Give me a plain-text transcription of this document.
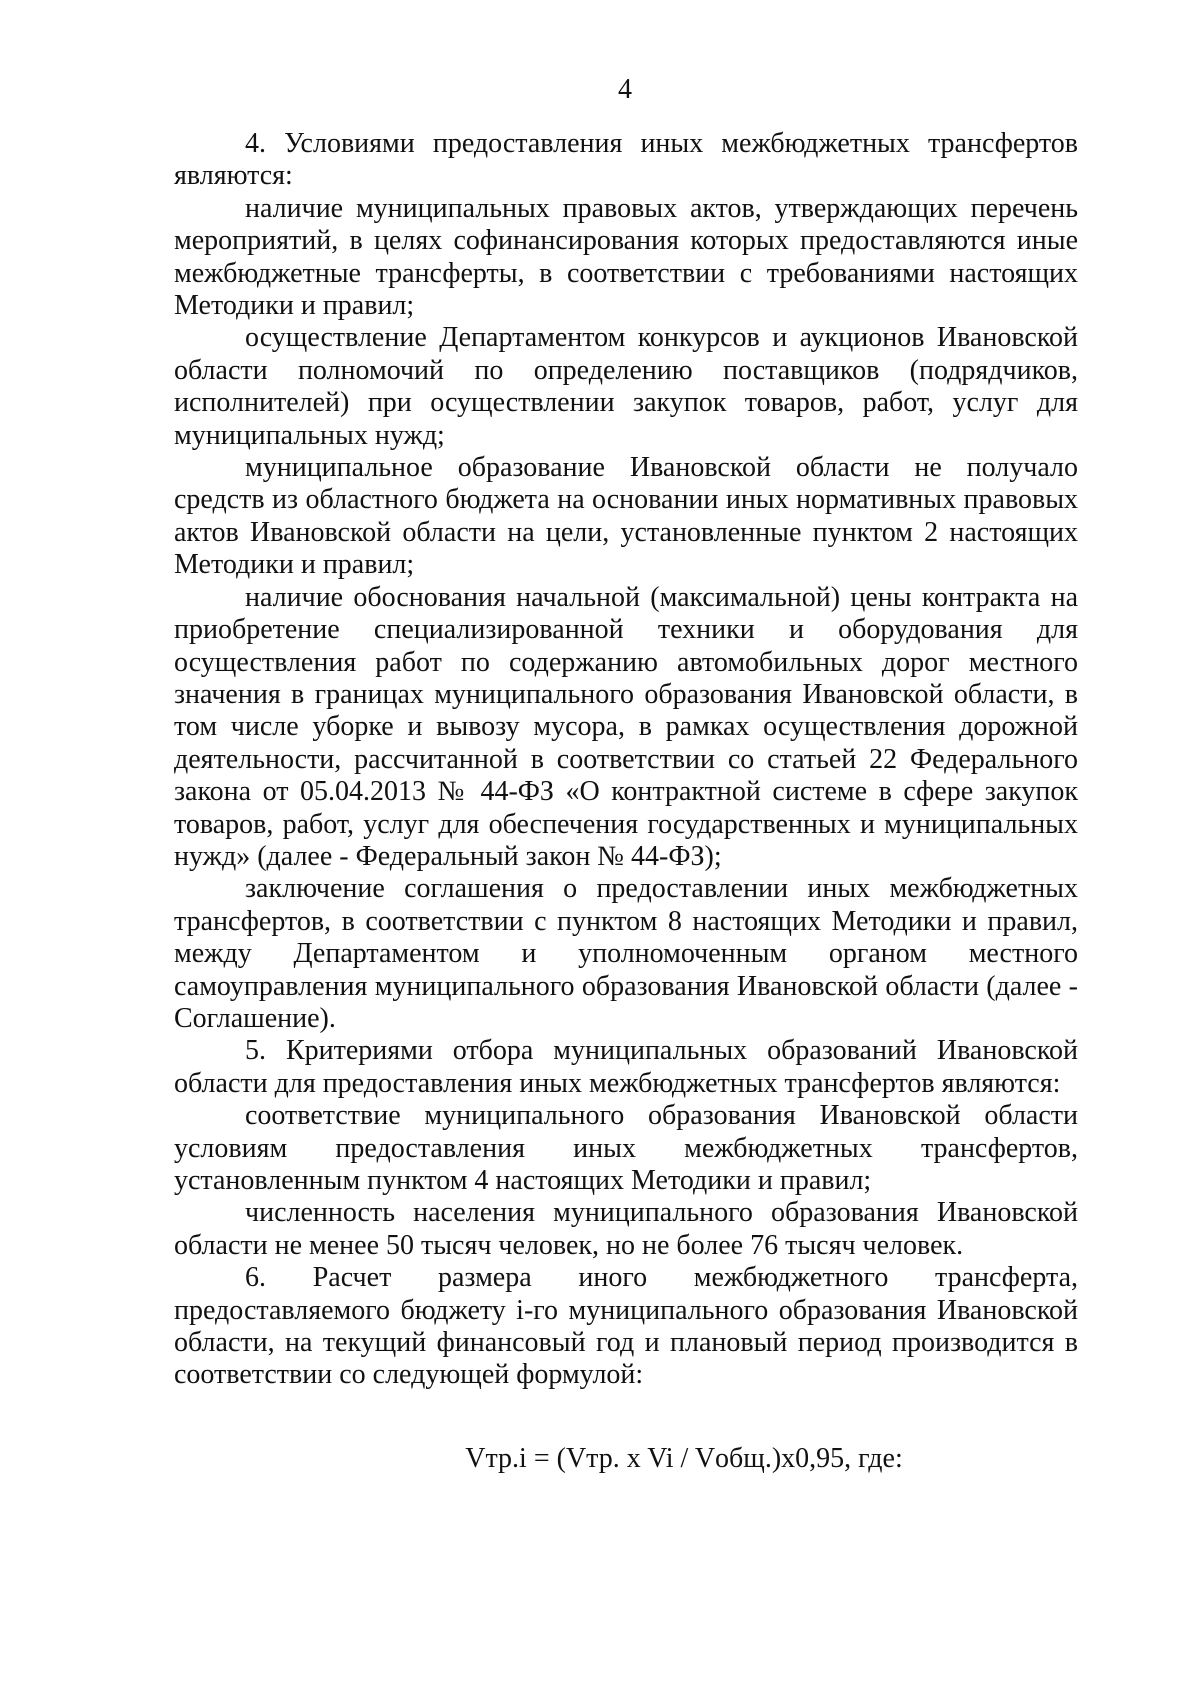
4

4. Условиями предоставления иных межбюджетных трансфертов являются:

наличие муниципальных правовых актов, утверждающих перечень мероприятий, в целях софинансирования которых предоставляются иные межбюджетные трансферты, в соответствии с требованиями настоящих Методики и правил;

осуществление Департаментом конкурсов и аукционов Ивановской области полномочий по определению поставщиков (подрядчиков, исполнителей) при осуществлении закупок товаров, работ, услуг для муниципальных нужд;

муниципальное образование Ивановской области не получало средств из областного бюджета на основании иных нормативных правовых актов Ивановской области на цели, установленные пунктом 2 настоящих Методики и правил;

наличие обоснования начальной (максимальной) цены контракта на приобретение специализированной техники и оборудования для осуществления работ по содержанию автомобильных дорог местного значения в границах муниципального образования Ивановской области, в том числе уборке и вывозу мусора, в рамках осуществления дорожной деятельности, рассчитанной в соответствии со статьей 22 Федерального закона от 05.04.2013 № 44-ФЗ «О контрактной системе в сфере закупок товаров, работ, услуг для обеспечения государственных и муниципальных нужд» (далее - Федеральный закон № 44-ФЗ);

заключение соглашения о предоставлении иных межбюджетных трансфертов, в соответствии с пунктом 8 настоящих Методики и правил, между Департаментом и уполномоченным органом местного самоуправления муниципального образования Ивановской области (далее - Соглашение).

5. Критериями отбора муниципальных образований Ивановской области для предоставления иных межбюджетных трансфертов являются:

соответствие муниципального образования Ивановской области условиям предоставления иных межбюджетных трансфертов, установленным пунктом 4 настоящих Методики и правил;

численность населения муниципального образования Ивановской области не менее 50 тысяч человек, но не более 76 тысяч человек.

6. Расчет размера иного межбюджетного трансферта, предоставляемого бюджету i-го муниципального образования Ивановской области, на текущий финансовый год и плановый период производится в соответствии со следующей формулой:

Vтр.i = (Vтр. x Vi / Vобщ.)x0,95, где:
